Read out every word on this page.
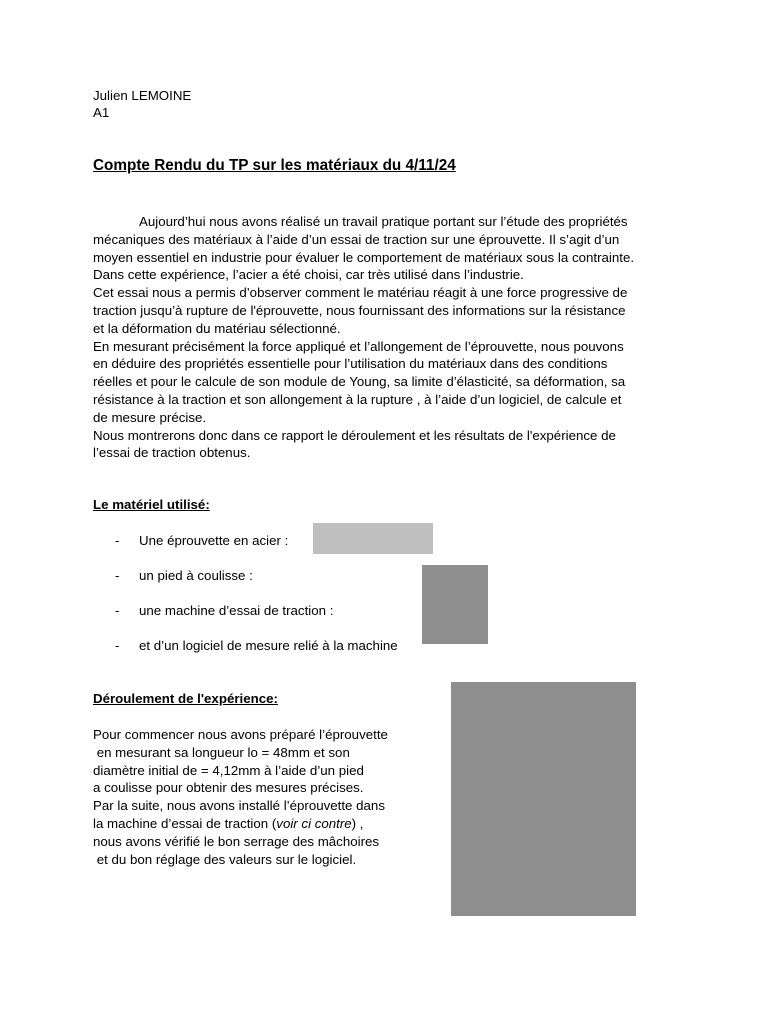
Julien LEMOINE
A1
Compte Rendu du TP sur les matériaux du 4/11/24
Aujourd’hui nous avons réalisé un travail pratique portant sur l’étude des propriétés
mécaniques des matériaux à l’aide d’un essai de traction sur une éprouvette. Il s’agit d’un
moyen essentiel en industrie pour évaluer le comportement de matériaux sous la contrainte.
Dans cette expérience, l’acier a été choisi, car très utilisé dans l’industrie.
Cet essai nous a permis d’observer comment le matériau réagit à une force progressive de
traction jusqu’à rupture de l'éprouvette, nous fournissant des informations sur la résistance
et la déformation du matériau sélectionné.
En mesurant précisément la force appliqué et l’allongement de l’éprouvette, nous pouvons
en déduire des propriétés essentielle pour l’utilisation du matériaux dans des conditions
réelles et pour le calcule de son module de Young, sa limite d’élasticité, sa déformation, sa
résistance à la traction et son allongement à la rupture , à l’aide d’un logiciel, de calcule et
de mesure précise.
Nous montrerons donc dans ce rapport le déroulement et les résultats de l'expérience de
l’essai de traction obtenus.
Le matériel utilisé:
- Une éprouvette en acier :
- un pied à coulisse :
- une machine d’essai de traction :
- et d’un logiciel de mesure relié à la machine
Déroulement de l'expérience:
Pour commencer nous avons préparé l’éprouvette
en mesurant sa longueur lo = 48mm et son
diamètre initial de = 4,12mm à l’aide d’un pied
a coulisse pour obtenir des mesures précises.
Par la suite, nous avons installé l’éprouvette dans
la machine d’essai de traction (voir ci contre) ,
nous avons vérifié le bon serrage des mâchoires
et du bon réglage des valeurs sur le logiciel.
